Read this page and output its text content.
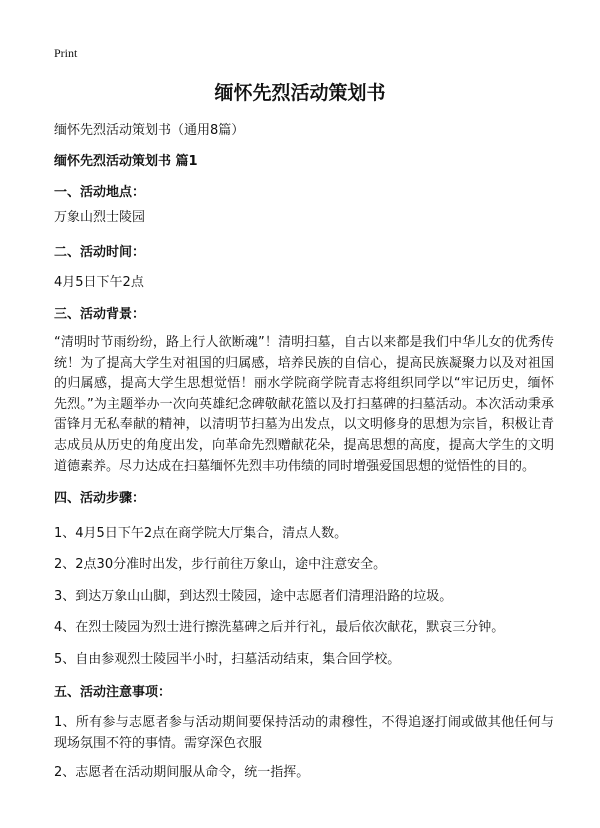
Print
缅怀先烈活动策划书
缅怀先烈活动策划书（通用8篇）
缅怀先烈活动策划书 篇1
一、活动地点：
万象山烈士陵园
二、活动时间：
4月5日下午2点
三、活动背景：
“清明时节雨纷纷，路上行人欲断魂”！清明扫墓，自古以来都是我们中华儿女的优秀传统！为了提高大学生对祖国的归属感，培养民族的自信心，提高民族凝聚力以及对祖国的归属感，提高大学生思想觉悟！丽水学院商学院青志将组织同学以“牢记历史，缅怀先烈。”为主题举办一次向英雄纪念碑敬献花篮以及打扫墓碑的扫墓活动。本次活动秉承雷锋月无私奉献的精神，以清明节扫墓为出发点，以文明修身的思想为宗旨，积极让青志成员从历史的角度出发，向革命先烈赠献花朵，提高思想的高度，提高大学生的文明道德素养。尽力达成在扫墓缅怀先烈丰功伟绩的同时增强爱国思想的觉悟性的目的。
四、活动步骤：
1、4月5日下午2点在商学院大厅集合，清点人数。
2、2点30分准时出发，步行前往万象山，途中注意安全。
3、到达万象山山脚，到达烈士陵园，途中志愿者们清理沿路的垃圾。
4、在烈士陵园为烈士进行擦洗墓碑之后并行礼，最后依次献花，默哀三分钟。
5、自由参观烈士陵园半小时，扫墓活动结束，集合回学校。
五、活动注意事项：
1、所有参与志愿者参与活动期间要保持活动的肃穆性，不得追逐打闹或做其他任何与现场氛围不符的事情。需穿深色衣服
2、志愿者在活动期间服从命令，统一指挥。
